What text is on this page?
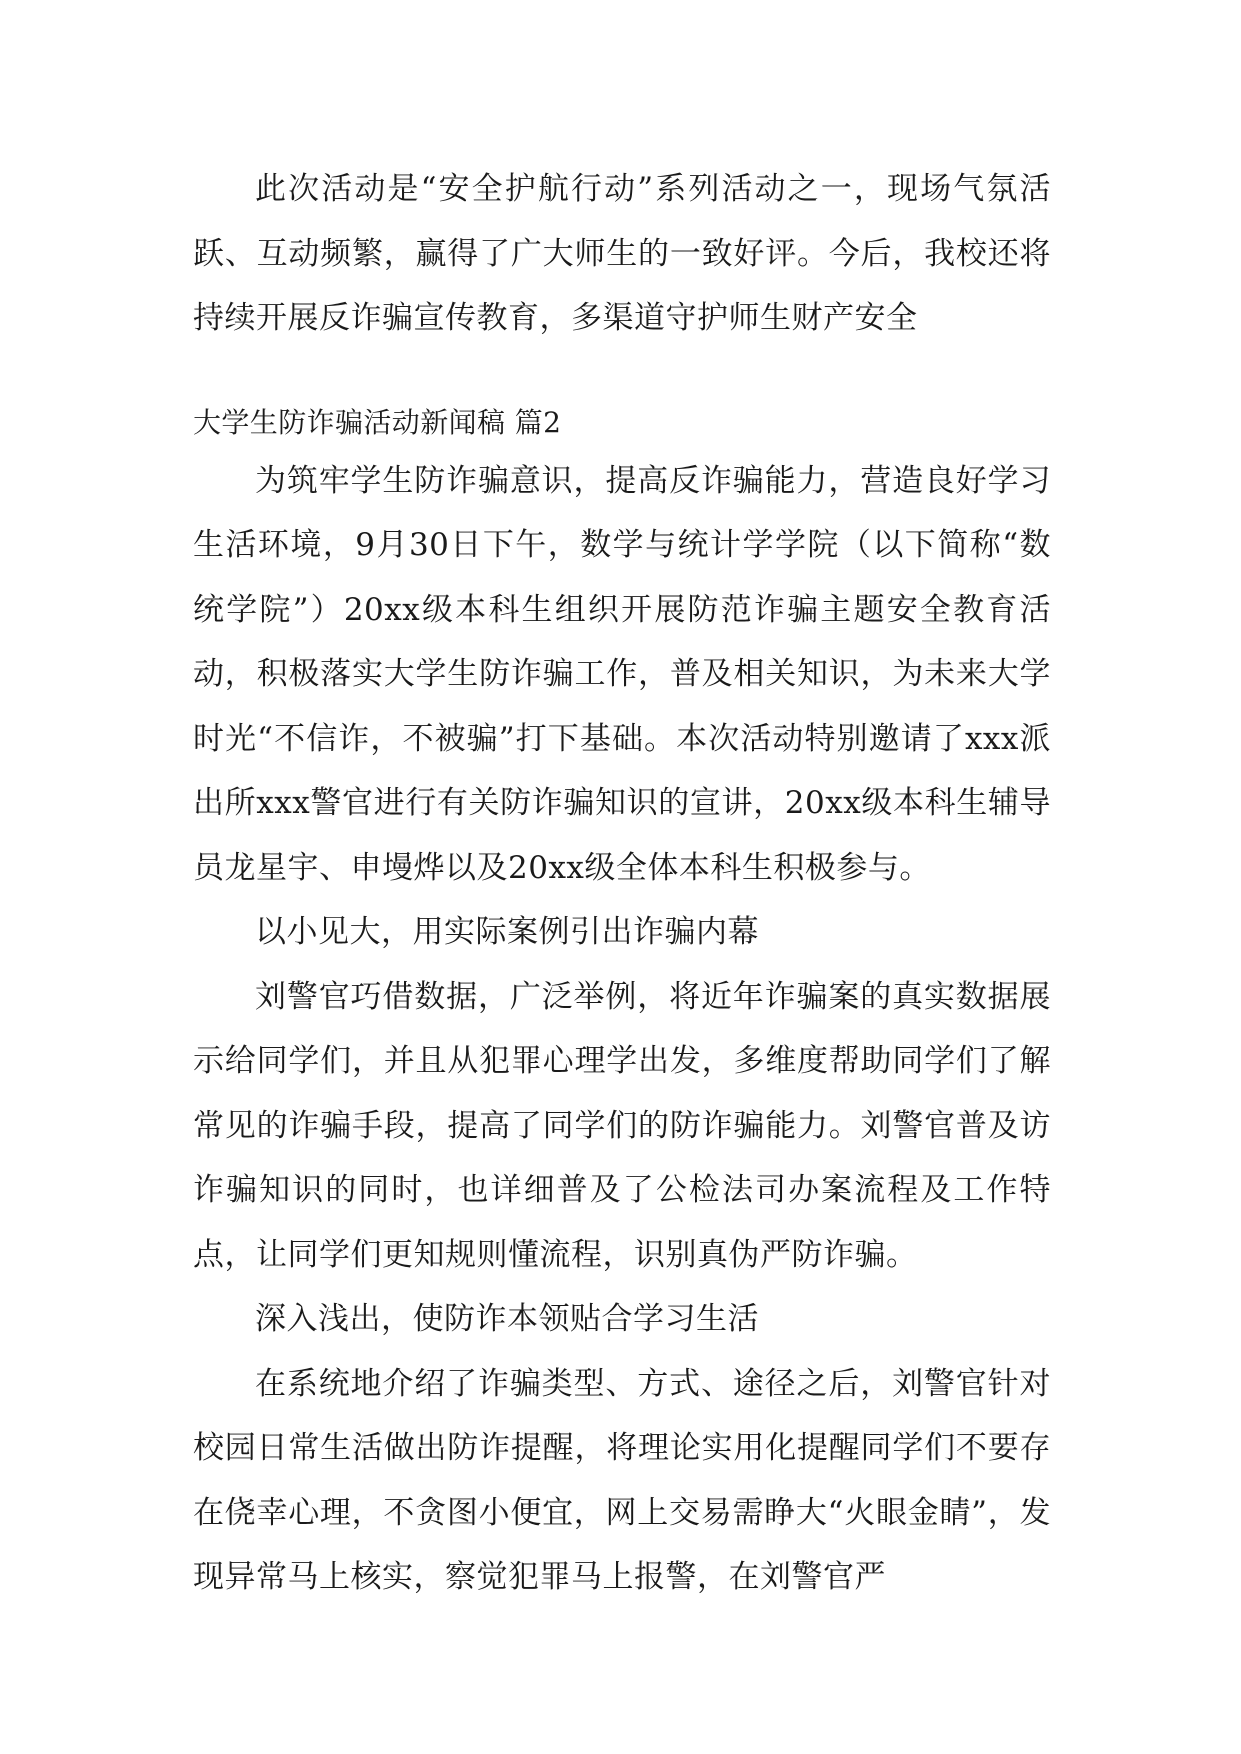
此次活动是“安全护航行动”系列活动之一，现场气氛活跃、互动频繁，赢得了广大师生的一致好评。今后，我校还将持续开展反诈骗宣传教育，多渠道守护师生财产安全

大学生防诈骗活动新闻稿 篇2

为筑牢学生防诈骗意识，提高反诈骗能力，营造良好学习生活环境，9月30日下午，数学与统计学学院（以下简称“数统学院”）20xx级本科生组织开展防范诈骗主题安全教育活动，积极落实大学生防诈骗工作，普及相关知识，为未来大学时光“不信诈，不被骗”打下基础。本次活动特别邀请了xxx派出所xxx警官进行有关防诈骗知识的宣讲，20xx级本科生辅导员龙星宇、申墁烨以及20xx级全体本科生积极参与。

以小见大，用实际案例引出诈骗内幕

刘警官巧借数据，广泛举例，将近年诈骗案的真实数据展示给同学们，并且从犯罪心理学出发，多维度帮助同学们了解常见的诈骗手段，提高了同学们的防诈骗能力。刘警官普及访诈骗知识的同时，也详细普及了公检法司办案流程及工作特点，让同学们更知规则懂流程，识别真伪严防诈骗。

深入浅出，使防诈本领贴合学习生活

在系统地介绍了诈骗类型、方式、途径之后，刘警官针对校园日常生活做出防诈提醒，将理论实用化提醒同学们不要存在侥幸心理，不贪图小便宜，网上交易需睁大“火眼金睛”，发现异常马上核实，察觉犯罪马上报警，在刘警官严
